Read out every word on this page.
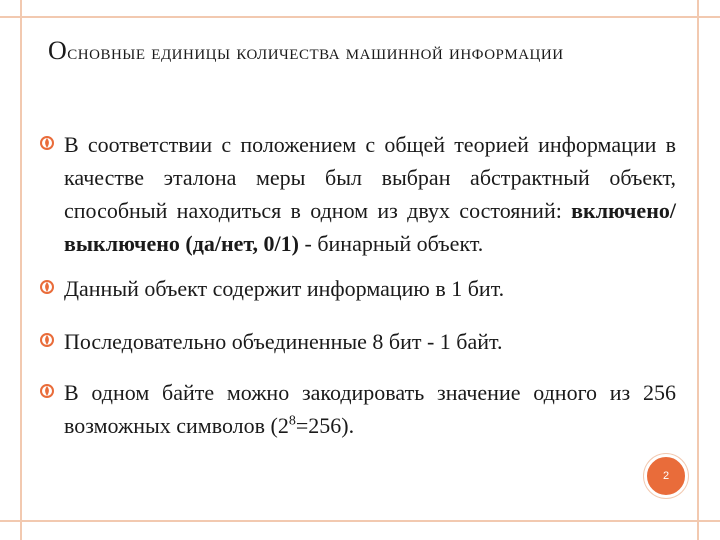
Основные единицы количества машинной информации
В соответствии с положением с общей теорией информации в качестве эталона меры был выбран абстрактный объект, способный находиться в одном из двух состояний: включено/выключено (да/нет, 0/1) - бинарный объект.
Данный объект содержит информацию в 1 бит.
Последовательно объединенные 8 бит - 1 байт.
В одном байте можно закодировать значение одного из 256 возможных символов $(2^8=256)$.
2
